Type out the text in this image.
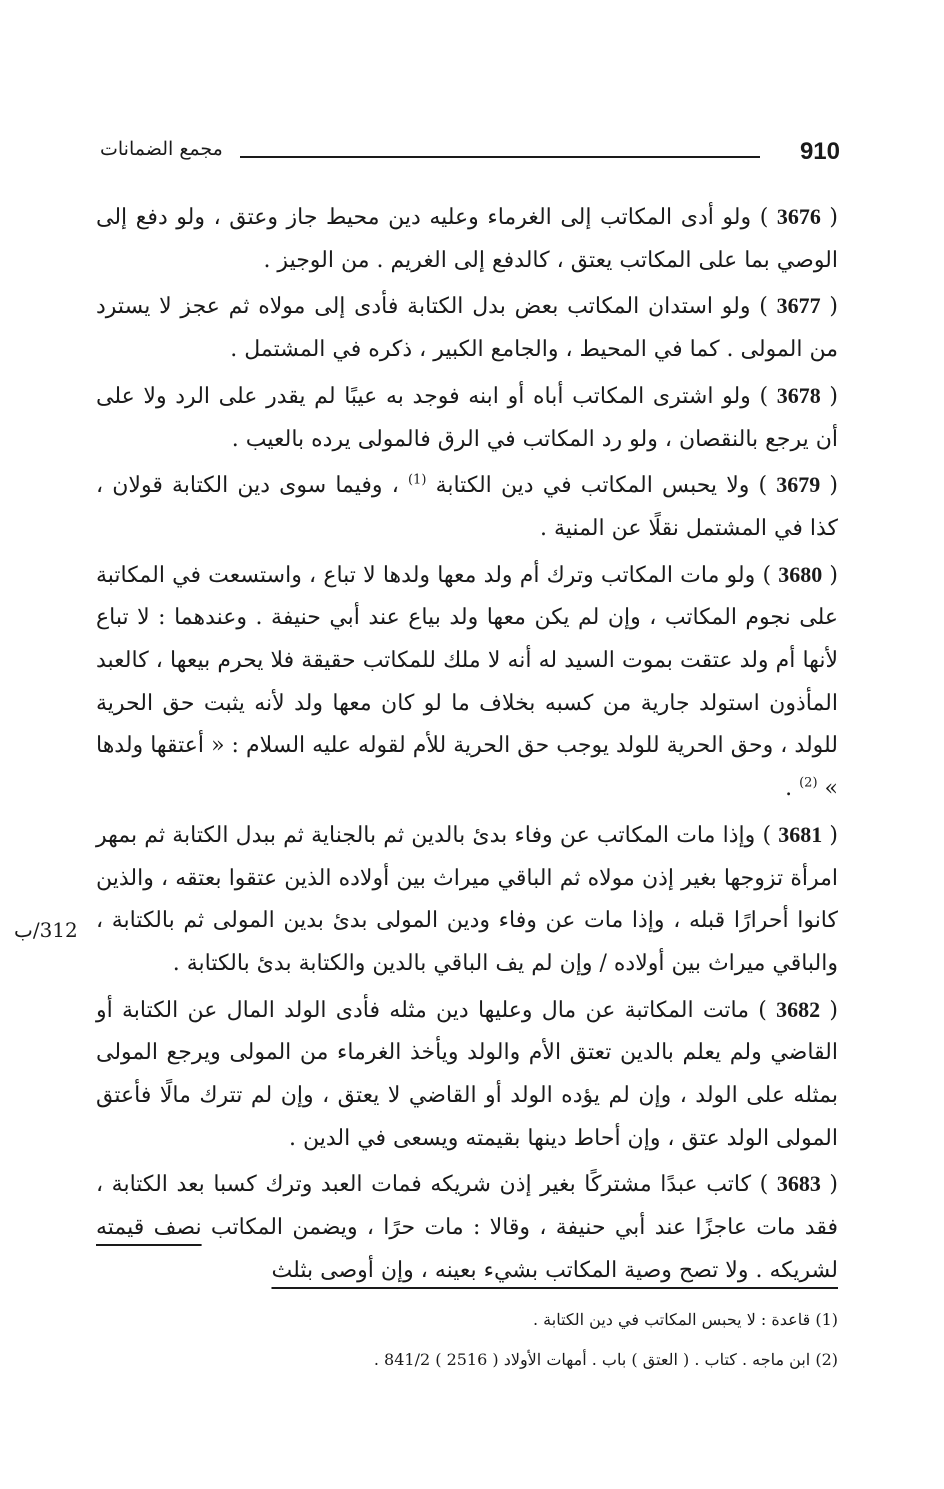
910
مجمع الضمانات
312/ب

( 3676 ) ولو أدى المكاتب إلى الغرماء وعليه دين محيط جاز وعتق ، ولو دفع إلى الوصي بما على المكاتب يعتق ، كالدفع إلى الغريم . من الوجيز .

( 3677 ) ولو استدان المكاتب بعض بدل الكتابة فأدى إلى مولاه ثم عجز لا يسترد من المولى . كما في المحيط ، والجامع الكبير ، ذكره في المشتمل .

( 3678 ) ولو اشترى المكاتب أباه أو ابنه فوجد به عيبًا لم يقدر على الرد ولا على أن يرجع بالنقصان ، ولو رد المكاتب في الرق فالمولى يرده بالعيب .

( 3679 ) ولا يحبس المكاتب في دين الكتابة $^{(1)}$ ، وفيما سوى دين الكتابة قولان ، كذا في المشتمل نقلًا عن المنية .

( 3680 ) ولو مات المكاتب وترك أم ولد معها ولدها لا تباع ، واستسعت في المكاتبة على نجوم المكاتب ، وإن لم يكن معها ولد بياع عند أبي حنيفة . وعندهما : لا تباع لأنها أم ولد عتقت بموت السيد له أنه لا ملك للمكاتب حقيقة فلا يحرم بيعها ، كالعبد المأذون استولد جارية من كسبه بخلاف ما لو كان معها ولد لأنه يثبت حق الحرية للولد ، وحق الحرية للولد يوجب حق الحرية للأم لقوله عليه السلام : « أعتقها ولدها » $^{(2)}$ .

( 3681 ) وإذا مات المكاتب عن وفاء بدئ بالدين ثم بالجناية ثم ببدل الكتابة ثم بمهر امرأة تزوجها بغير إذن مولاه ثم الباقي ميراث بين أولاده الذين عتقوا بعتقه ، والذين كانوا أحرارًا قبله ، وإذا مات عن وفاء ودين المولى بدئ بدين المولى ثم بالكتابة ، والباقي ميراث بين أولاده / وإن لم يف الباقي بالدين والكتابة بدئ بالكتابة .

( 3682 ) ماتت المكاتبة عن مال وعليها دين مثله فأدى الولد المال عن الكتابة أو القاضي ولم يعلم بالدين تعتق الأم والولد ويأخذ الغرماء من المولى ويرجع المولى بمثله على الولد ، وإن لم يؤده الولد أو القاضي لا يعتق ، وإن لم تترك مالًا فأعتق المولى الولد عتق ، وإن أحاط دينها بقيمته ويسعى في الدين .

( 3683 ) كاتب عبدًا مشتركًا بغير إذن شريكه فمات العبد وترك كسبا بعد الكتابة ، فقد مات عاجزًا عند أبي حنيفة ، وقالا : مات حرًا ، ويضمن المكاتب نصف قيمته لشريكه . ولا تصح وصية المكاتب بشيء بعينه ، وإن أوصى بثلث

(1) قاعدة : لا يحبس المكاتب في دين الكتابة .

(2) ابن ماجه . كتاب . ( العتق ) باب . أمهات الأولاد ( 2516 ) 841/2 .
